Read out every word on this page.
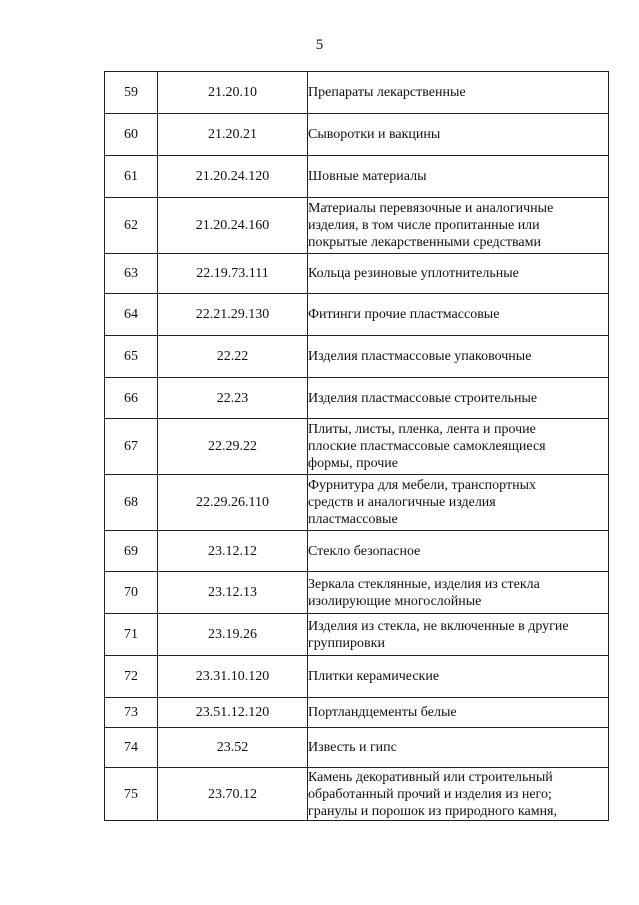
5
59	21.20.10	Препараты лекарственные

60	21.20.21	Сыворотки и вакцины

61	21.20.24.120	Шовные материалы

62	21.20.24.160	Материалы перевязочные и аналогичные
изделия, в том числе пропитанные или
покрытые лекарственными средствами

63	22.19.73.111	Кольца резиновые уплотнительные

64	22.21.29.130	Фитинги прочие пластмассовые

65	22.22	Изделия пластмассовые упаковочные

66	22.23	Изделия пластмассовые строительные

67	22.29.22	Плиты, листы, пленка, лента и прочие
плоские пластмассовые самоклеящиеся
формы, прочие

68	22.29.26.110	Фурнитура для мебели, транспортных
средств и аналогичные изделия
пластмассовые

69	23.12.12	Стекло безопасное

70	23.12.13	Зеркала стеклянные, изделия из стекла
изолирующие многослойные

71	23.19.26	Изделия из стекла, не включенные в другие
группировки

72	23.31.10.120	Плитки керамические

73	23.51.12.120	Портландцементы белые

74	23.52	Известь и гипс

75	23.70.12	Камень декоративный или строительный
обработанный прочий и изделия из него;
гранулы и порошок из природного камня,
